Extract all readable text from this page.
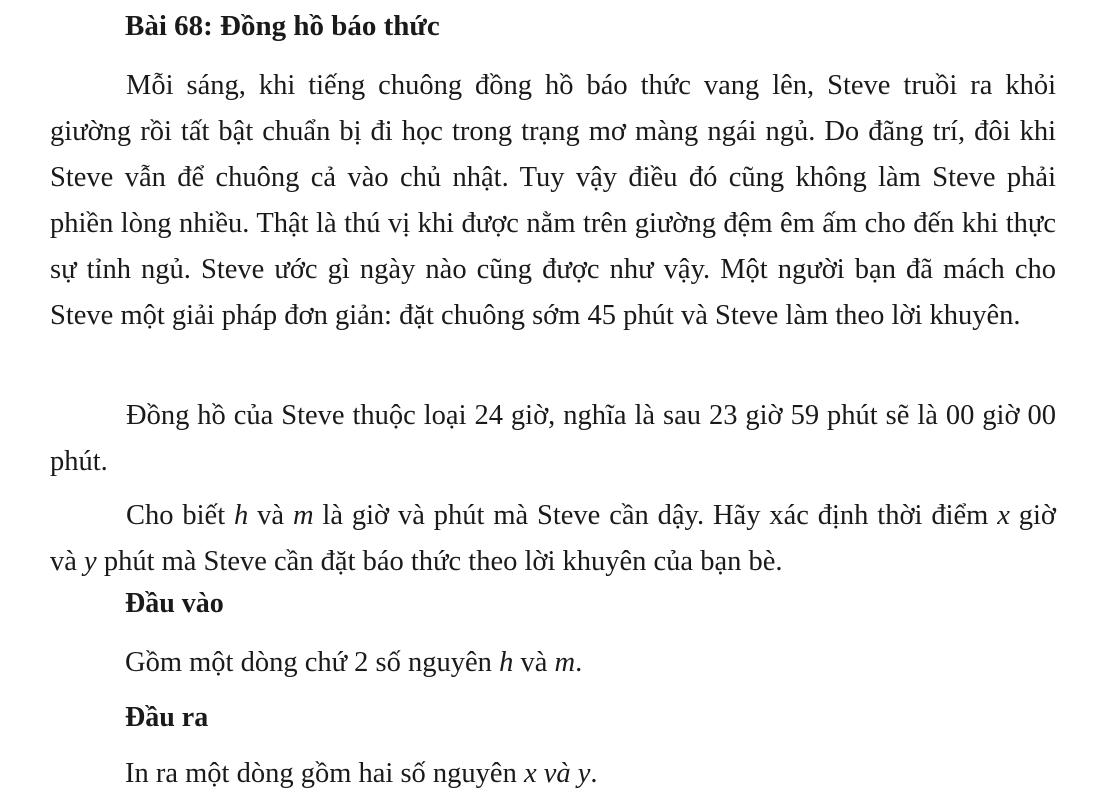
Bài 68: Đồng hồ báo thức

Mỗi sáng, khi tiếng chuông đồng hồ báo thức vang lên, Steve truồi ra khỏi giường rồi tất bật chuẩn bị đi học trong trạng mơ màng ngái ngủ. Do đãng trí, đôi khi Steve vẫn để chuông cả vào chủ nhật. Tuy vậy điều đó cũng không làm Steve phải phiền lòng nhiều. Thật là thú vị khi được nằm trên giường đệm êm ấm cho đến khi thực sự tỉnh ngủ. Steve ước gì ngày nào cũng được như vậy. Một người bạn đã mách cho Steve một giải pháp đơn giản: đặt chuông sớm 45 phút và Steve làm theo lời khuyên.

Đồng hồ của Steve thuộc loại 24 giờ, nghĩa là sau 23 giờ 59 phút sẽ là 00 giờ 00 phút.

Cho biết h và m là giờ và phút mà Steve cần dậy. Hãy xác định thời điểm x giờ và y phút mà Steve cần đặt báo thức theo lời khuyên của bạn bè.

Đầu vào
Gồm một dòng chứ 2 số nguyên h và m.
Đầu ra
In ra một dòng gồm hai số nguyên x và y.
